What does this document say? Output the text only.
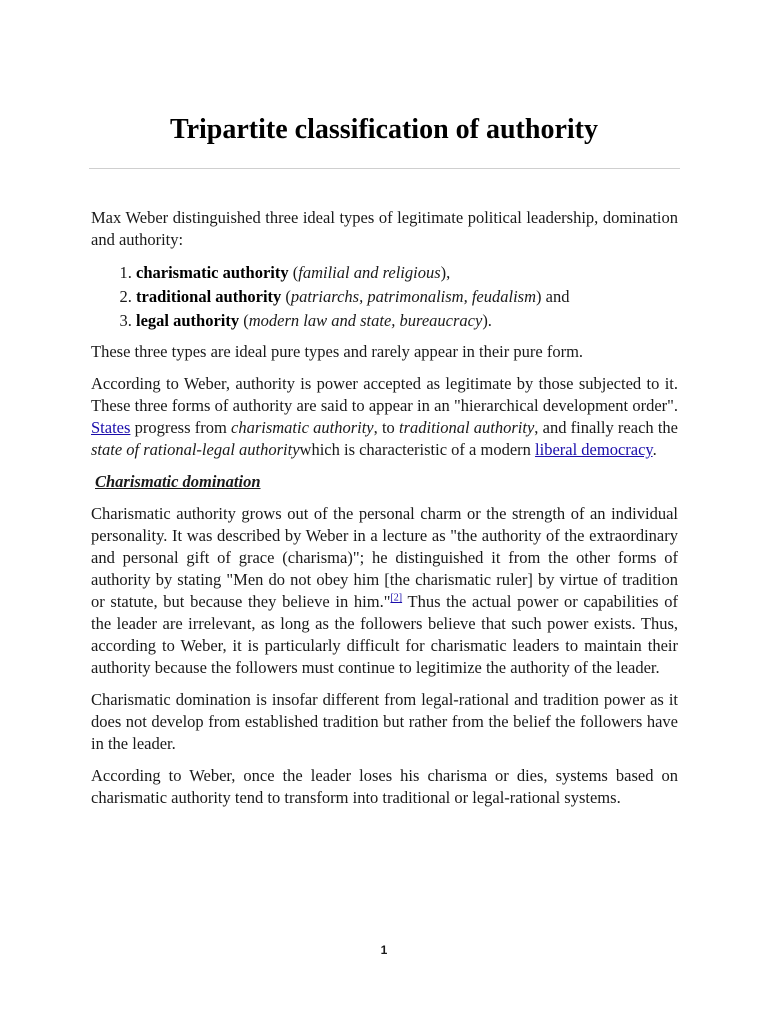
Tripartite classification of authority

Max Weber distinguished three ideal types of legitimate political leadership, domination and authority:

1. charismatic authority (familial and religious),
2. traditional authority (patriarchs, patrimonalism, feudalism) and
3. legal authority (modern law and state, bureaucracy).

These three types are ideal pure types and rarely appear in their pure form.

According to Weber, authority is power accepted as legitimate by those subjected to it. These three forms of authority are said to appear in an "hierarchical development order". States progress from charismatic authority, to traditional authority, and finally reach the state of rational-legal authoritywhich is characteristic of a modern liberal democracy.

Charismatic domination

Charismatic authority grows out of the personal charm or the strength of an individual personality. It was described by Weber in a lecture as "the authority of the extraordinary and personal gift of grace (charisma)"; he distinguished it from the other forms of authority by stating "Men do not obey him [the charismatic ruler] by virtue of tradition or statute, but because they believe in him."[2] Thus the actual power or capabilities of the leader are irrelevant, as long as the followers believe that such power exists. Thus, according to Weber, it is particularly difficult for charismatic leaders to maintain their authority because the followers must continue to legitimize the authority of the leader.

Charismatic domination is insofar different from legal-rational and tradition power as it does not develop from established tradition but rather from the belief the followers have in the leader.

According to Weber, once the leader loses his charisma or dies, systems based on charismatic authority tend to transform into traditional or legal-rational systems.

1
